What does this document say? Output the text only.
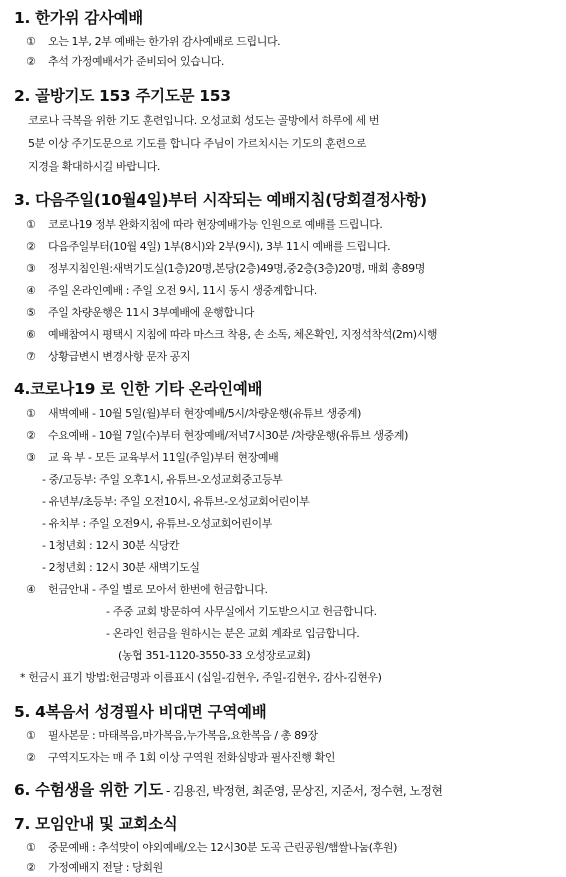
1. 한가위 감사예배
① 오는 1부, 2부 예배는 한가위 감사예배로 드립니다.
② 추석 가정예배서가 준비되어 있습니다.
2. 골방기도 153 주기도문 153
코로나 극복을 위한 기도 훈련입니다. 오성교회 성도는 골방에서 하루에 세 번
5분 이상 주기도문으로 기도를 합니다 주님이 가르치시는 기도의 훈련으로
지경을 확대하시길 바랍니다.
3. 다음주일(10월4일)부터 시작되는 예배지침(당회결정사항)
① 코로나19 정부 완화지침에 따라 현장예배가능 인원으로 예배를 드립니다.
② 다음주일부터(10월 4일) 1부(8시)와 2부(9시), 3부 11시 예배를 드립니다.
③ 정부지침인원:새벽기도실(1층)20명,본당(2층)49명,중2층(3층)20명, 매회 총89명
④ 주일 온라인예배 : 주일 오전 9시, 11시 동시 생중계합니다.
⑤ 주일 차량운행은 11시 3부예배에 운행합니다
⑥ 예배참여시 평택시 지침에 따라 마스크 착용, 손 소독, 체온확인, 지정석착석(2m)시행
⑦ 상황급변시 변경사항 문자 공지
4.코로나19 로 인한 기타 온라인예배
① 새벽예배 - 10월 5일(월)부터 현장예배/5시/차량운행(유튜브 생중계)
② 수요예배 - 10월 7일(수)부터 현장예배/저녁7시30분 /차량운행(유튜브 생중계)
③ 교 육 부 - 모든 교육부서 11일(주일)부터 현장예배
- 중/고등부: 주일 오후1시, 유튜브-오성교회중고등부
- 유년부/초등부: 주일 오전10시, 유튜브-오성교회어린이부
- 유치부 : 주일 오전9시, 유튜브-오성교회어린이부
- 1청년회 : 12시 30분 식당칸
- 2청년회 : 12시 30분 새벽기도실
④ 헌금안내 - 주일 별로 모아서 한번에 헌금합니다.
- 주중 교회 방문하여 사무실에서 기도받으시고 헌금합니다.
- 온라인 헌금을 원하시는 분은 교회 계좌로 입금합니다.
(농협 351-1120-3550-33 오성장로교회)
* 헌금시 표기 방법:헌금명과 이름표시 (십일-김현우, 주일-김현우, 감사-김현우)
5. 4복음서 성경필사 비대면 구역예배
① 필사본문 : 마태복음,마가복음,누가복음,요한복음 / 총 89장
② 구역지도자는 매 주 1회 이상 구역원 전화심방과 필사진행 확인
6. 수험생을 위한 기도 - 김용진, 박정현, 최준영, 문상진, 지준서, 정수현, 노정현
7. 모임안내 및 교회소식
① 중문예배 : 추석맞이 야외예배/오는 12시30분 도곡 근린공원/햄쌀나눔(후원)
② 가정예배지 전달 : 당회원
